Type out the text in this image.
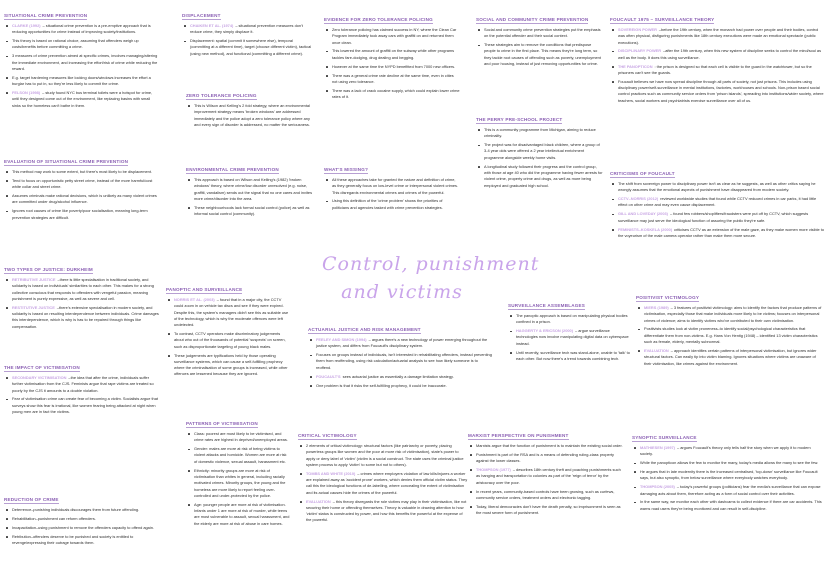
Control, punishment
and victims
SITUATIONAL CRIME PREVENTION
CLARKE (1992) – situational crime prevention is a pre-emptive approach that is reducing opportunities for crime instead of improving society/institutions.
This theory is based on rational choice, assuming that offenders weigh up costs/benefits before committing a crime.
3 measures of crime prevention aimed at specific crimes, involves managing/altering the immediate environment, and increasing the effort/risk of crime while reducing the reward.
E.g. target hardening measures like locking doors/windows increases the effort a burglar has to put in, so they're less likely to commit the crime.
FELSON (1998) – study found NYC bus terminal toilets were a hotspot for crime, until they designed come out of the environment, like replacing basins with small sinks so the homeless can't bathe in them.
EVALUATION OF SITUATIONAL CRIME PREVENTION
This method may work to some extent, but there's most likely to be displacement.
Tend to focus on opportunistic petty street crime, instead of the more harmful/cost white collar and street crime.
Assumes criminals make rational decisions, which is unlikely as many violent crimes are committed under drug/alcohol influence.
Ignores root causes of crime like poverty/poor socialisation, meaning long-term prevention strategies are difficult.
TWO TYPES OF JUSTICE: DURKHEIM
RETRIBUTIVE JUSTICE –there is little specialisation in traditional society, and solidarity is based on individuals' similarities to each other. This makes for a strong collective conscious that responds to offenders with vengeful passion, meaning punishment is purely expressive, as well as severe and cell.
RESTITUTIVE JUSTICE –there's extensive specialisation in modern society, and solidarity is based on resulting interdependence between individuals. Crime damages this interdependence, which is why is has to be repaired through things like compensation.
THE IMPACT OF VICTIMISATION
SECONDARY VICTIMISATION –the idea that after the crime, individuals suffer further victimisation from the CJS. Feminists argue that rape victims are treated so poorly by the CJS it amounts to a double violation.
Fear of victimisation crime can create fear of becoming a victim. Socialists argue that surveys show this fear is irrational, like women fearing being attacked at night when young men are in fact the victims.
REDUCTION OF CRIME
Deterrence–punishing individuals discourages them from future offending.
Rehabilitation–punishment can reform offenders.
Incapacitation–using punishment to remove the offenders capacity to offend again.
Retribution–offenders deserve to be punished and society is entitled to revenge/expressing their outrage towards them.
DISPLACEMENT
CHAIKEN ET AL. (1974) – situational prevention measures don't reduce crime, they simply displace it.
Displacement: spatial (commit it somewhere else), temporal (committing at a different time), target (choose different victim), tactical (using new method), and functional (committing a different crime).
ZERO TOLERANCE POLICING
This is Wilson and Kelling's 2 fold strategy, where an environmental improvement strategy means 'broken windows' are addressed immediately and the police adopt a zero tolerance policy where any and every sign of disorder is addressed, no matter the seriousness.
ENVIRONMENTAL CRIME PREVENTION
This approach is based on Wilson and Kelling's (1982) 'broken windows' theory, where crime/low disorder unresolved (e.g. noise, graffiti, vandalism) sends out the signal that no one cares and invites more crime/disorder into the area.
These neighbourhoods lack formal social control (police) as well as informal social control (community).
PANOPTIC AND SURVEILLANCE
NORRIS ET AL. (2003) – found that in a major city, the CCTV could zoom in on vehicle tax discs and see if they were expired. Despite this, the system's managers didn't see this as suitable use of the technology, which is why the moderate offences were left undetected.
To contrast, CCTV operators make discriminatory judgements about who out of the thousands of potential 'suspects' on screen, such as disproportionate targeting of young black males.
These judgements are typifications held by those operating surveillance systems, which can cause a self-fulfilling prophecy where the criminalisation of some groups is increased, while other offences are lessened because they are ignored.
PATTERNS OF VICTIMISATION
Class: poorest are most likely to be victimised, and crime rates are highest in deprived/unemployed areas.
Gender: males are more at risk of being victims to violent attacks and homicide. Women are more at risk of domestic violence, sexual assault, harassment etc.
Ethnicity: minority groups are more at risk of victimisation than whites in general, including racially motivated crimes. Minority groups, the young and the homeless are more likely to report feeling over-controlled and under-protected by the police.
Age: younger people are more at risk of victimisation. Infants under 1 are more at risk of murder, while teens are most vulnerable to assault, sexual harassment, and the elderly are more at risk of abuse in care homes.
EVIDENCE FOR ZERO TOLERANCE POLICING
Zero tolerance policing has claimed success in NY, where the Clean Car Program immediately took away cars with graffiti on and returned them once clean.
This lowered the amount of graffiti on the subway while other programs tackles fare-dodging, drug dealing and begging.
However at the same time the NYPD benefitted from 7000 new officers.
There was a general crime rate decline at the same time, even in cities not using zero tolerance.
There was a lack of crack cocaine supply, which could explain lower crime rates of it.
WHAT'S MISSING?
All these approaches take for granted the nature and definition of crime, as they generally focus on low-level crime or interpersonal violent crimes. This disregards environmental crimes and crimes of the powerful.
Using this definition of the 'crime problem' shows the priorities of politicians and agencies tasked with crime prevention strategies.
ACTUARIAL JUSTICE AND RISK MANAGEMENT
FEELEY AND SIMON (1994) – argues there's a new technology of power emerging throughout the justice system, and differs from Foucault's disciplinary system.
Focuses on groups instead of individuals, isn't interested in rehabilitating offenders, instead preventing them from reoffending, using risk calculation/actuarial analysis to see how likely someone is to reoffend.
FOUCAULT'S sees actuarial justice as essentially a damage limitation strategy.
One problem is that it risks the self-fulfilling prophecy, it could be inaccurate.
CRITICAL VICTIMOLOGY
2 elements of critical victimology: structural factors (like patriarchy or poverty, placing powerless groups like women and the poor at more risk of victimisation), state's power to apply or deny label of 'victim' (victim is a social construct. The state uses the criminal justice system process to apply 'victim' to some but not to others).
TOMBS AND WHITE (2010) – crimes where employers violation of law kills/injures a worker are explained away as 'accident prone' workers, which denies them official victim status. They call this the ideological functions of de-labelling, where concealing the extent of victimisation and its actual causes hide the crimes of the powerful.
EVALUATION – this theory disregards the role victims may play in their victimisation, like not securing their home or offending themselves. Theory is valuable in drawing attention to how 'victim' status is constructed by power, and how this benefits the powerful at the expense of the powerful.
SOCIAL AND COMMUNITY CRIME PREVENTION
Social and community crime prevention strategies put the emphasis on the potential offender and their social context.
These strategies aim to remove the conditions that predispose people to crime in the first place. This means they're long term, so they tackle root causes of offending such as poverty, unemployment and poor housing, instead of just removing opportunities for crime.
THE PERRY PRE-SCHOOL PROJECT
This is a community programme from Michigan, aiming to reduce criminality.
The project was for disadvantaged black children, where a group of 3-4 year olds were offered a 2 year intellectual enrichment programme alongside weekly home visits.
A longitudinal study followed their progress and the control group, with those at age 40 who did the programme having fewer arrests for violent crime, property crime and drugs, as well as more being employed and graduated high school.
SURVEILLANCE ASSEMBLAGES
The panoptic approach is based on manipulating physical bodies confined in a prison.
HAGGERTY & ERICSON (2000) – argue surveillance technologies now involve manipulating digital data on cyberspace instead.
Until recently, surveillance tech was stand-alone, unable to 'talk' to each other. But now there's a trend towards combining tech.
MARXIST PERSPECTIVE ON PUNISHMENT
Marxists argue that the function of punishment is to maintain the existing social order.
Punishment is part of the RSA and is a means of defending ruling-class property against the lower classes.
THOMPSON (1977) – describes 18th century theft and poaching punishments such as hanging and transportation to colonies as part of the 'reign of terror' by the aristocracy over the poor.
In recent years, community-based controls have been growing, such as curfews, community service orders, treatment orders and electronic tagging.
Today, liberal democracies don't have the death penalty, so imprisonment is seen as the most severe form of punishment.
FOUCAULT 1975 – SURVEILLANCE THEORY
SOVEREIGN POWER –before the 19th century, when the monarch had power over people and their bodies, control was often physical, disfiguring punishments like 18th century executions were made an emotional spectacle (public executions).
DISCIPLINARY POWER –after the 19th century, when this new system of discipline seeks to control the mind/soul as well as the body. It does this using surveillance.
THE PANOPTICON : the prison is designed so that each cell is visible to the guard in the watchtower, but so the prisoners can't see the guards.
Foucault believes we have now spread discipline through all parts of society, not just prisons. This includes using disciplinary power/self-surveillance in mental institutions, factories, workhouses and schools. Non-prison based social control practices such as community service orders from 'prison islands', spreading into institutions/wider society, where teachers, social workers and psychiatrists exercise surveillance over all of us.
CRITICISMS OF FOUCAULT
The shift from sovereign power to disciplinary power isn't as clear as he suggests, as well as other critics saying he wrongly assumes that the emotional aspects of punishment have disappeared from modern society.
CCTV–NORRIS (2012) reviewed worldwide studies that found while CCTV reduced crimes in car parks, it had little effect on other crime and may even cause displacement.
GILL AND LOVEDAY (2003) – found few robbers/shoplifters/fraudsters were put off by CCTV, which suggests surveillance may just serve the ideological function of assuring the public they're safe.
FEMINISTS–KOSKELA (2000) criticises CCTV as an extension of the male gaze, as they make women more visible to the voyeurism of the male camera operator rather than make them more secure.
POSITIVIST VICTIMOLOGY
MIERS (1989) – 3 features of positivist victimology: aims to identify the factors that produce patterns of victimisation, especially those that make individuals more likely to be victims; focuses on interpersonal crimes of violence; aims to identify victims who've contributed to their own victimisation.
Positivists studies look at victim proneness–to identify social/psychological characteristics that differentiate them from non-victims. E.g. Hans Von Hentig (1948) – identified 13 victim characteristics such as female, elderly, mentally subnormal.
EVALUATION – approach identifies certain patterns of interpersonal victimisation, but ignores wider structural factors. Can easily tip into victim blaming. Ignores situations where victims are unaware of their victimisation, like crimes against the environment.
SYNOPTIC SURVEILLANCE
MATHIESEN (1997) – argues Foucault's theory only tells half the story when we apply it to modern society.
While the panopticon allows the few to monitor the many, today's media allows the many to see the few.
He argues that in late modernity there is the increased centralised, 'top-down' surveillance like Foucault says, but also synoptic, from below surveillance where everybody watches everybody.
THOMPSON (2005) – today's powerful groups (politicians) fear the media's surveillance that can expose damaging acts about them, therefore acting as a form of social control over their activities.
In the same way, we monitor each other with dashcams to collect evidence if there are car accidents. This warns road users they're being monitored and can result in self-discipline.
